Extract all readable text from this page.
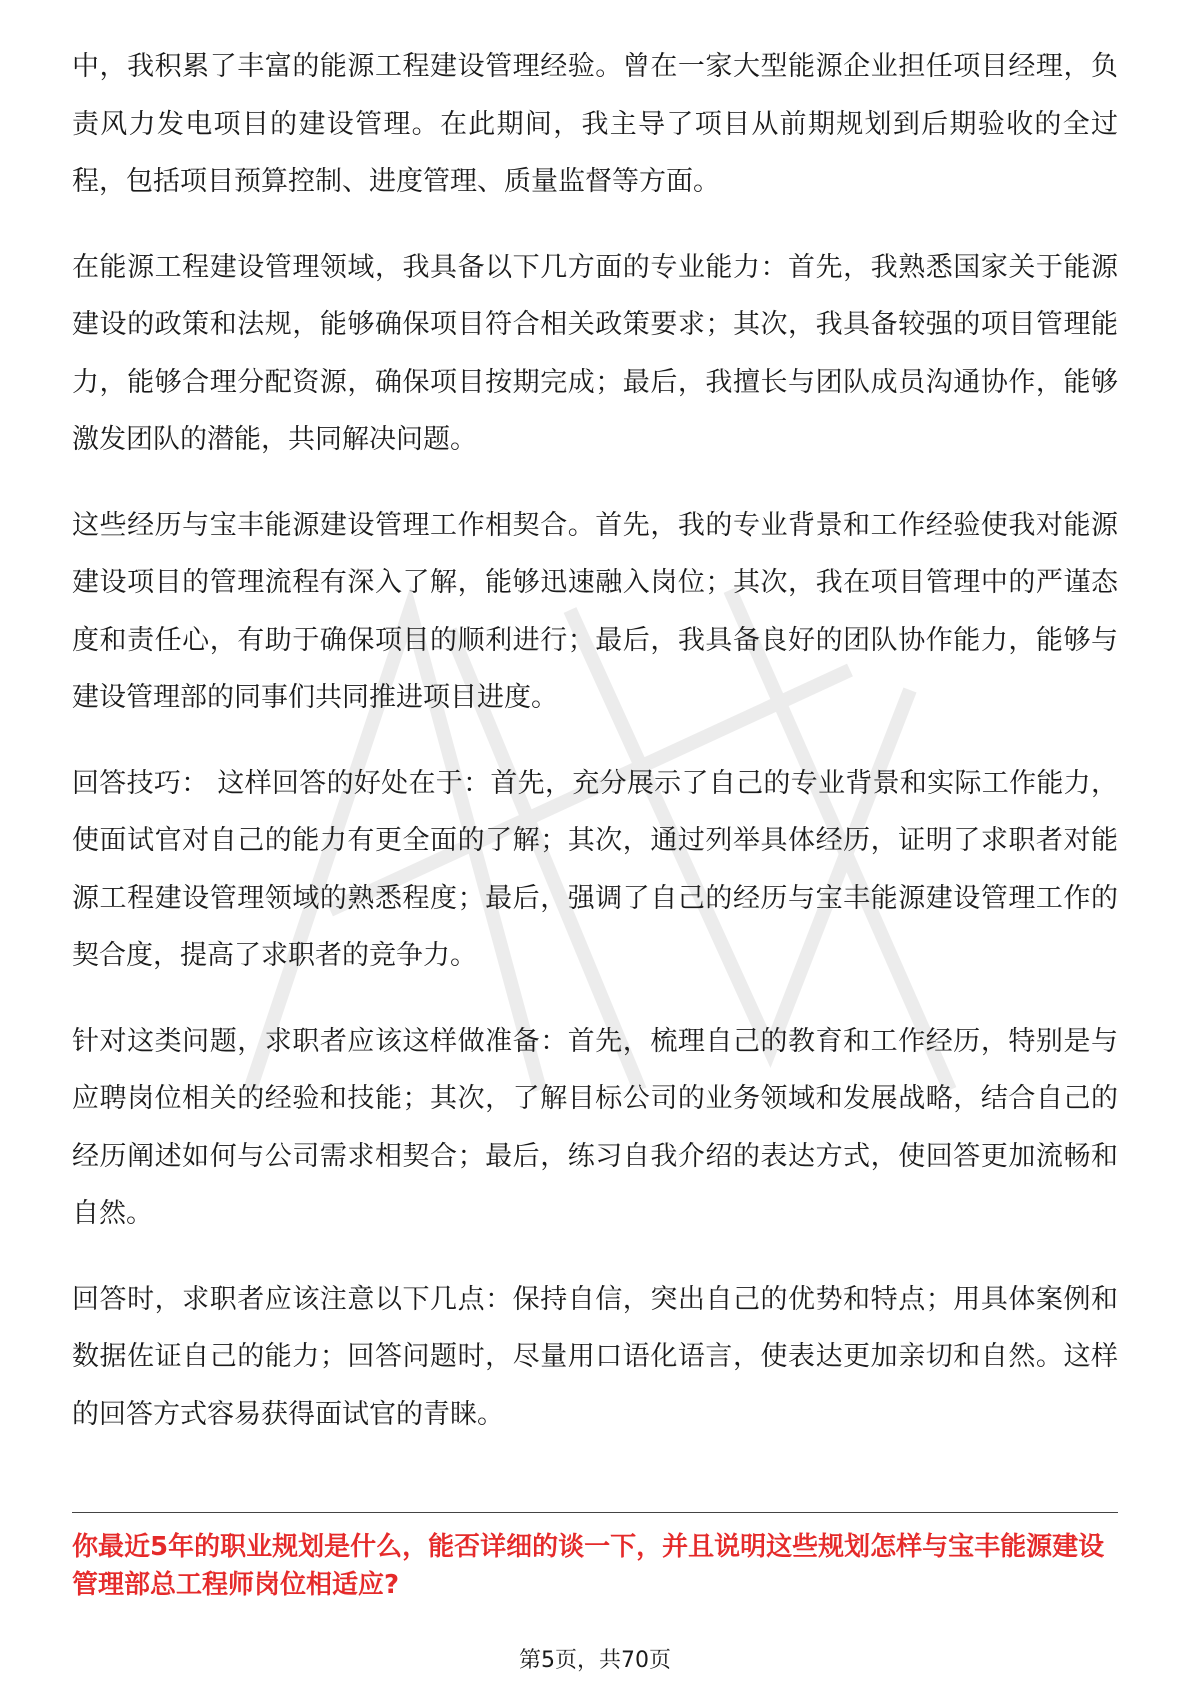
中，我积累了丰富的能源工程建设管理经验。曾在一家大型能源企业担任项目经理，负责风力发电项目的建设管理。在此期间，我主导了项目从前期规划到后期验收的全过程，包括项目预算控制、进度管理、质量监督等方面。

在能源工程建设管理领域，我具备以下几方面的专业能力：首先，我熟悉国家关于能源建设的政策和法规，能够确保项目符合相关政策要求；其次，我具备较强的项目管理能力，能够合理分配资源，确保项目按期完成；最后，我擅长与团队成员沟通协作，能够激发团队的潜能，共同解决问题。

这些经历与宝丰能源建设管理工作相契合。首先，我的专业背景和工作经验使我对能源建设项目的管理流程有深入了解，能够迅速融入岗位；其次，我在项目管理中的严谨态度和责任心，有助于确保项目的顺利进行；最后，我具备良好的团队协作能力，能够与建设管理部的同事们共同推进项目进度。

回答技巧： 这样回答的好处在于：首先，充分展示了自己的专业背景和实际工作能力，使面试官对自己的能力有更全面的了解；其次，通过列举具体经历，证明了求职者对能源工程建设管理领域的熟悉程度；最后，强调了自己的经历与宝丰能源建设管理工作的契合度，提高了求职者的竞争力。

针对这类问题，求职者应该这样做准备：首先，梳理自己的教育和工作经历，特别是与应聘岗位相关的经验和技能；其次，了解目标公司的业务领域和发展战略，结合自己的经历阐述如何与公司需求相契合；最后，练习自我介绍的表达方式，使回答更加流畅和自然。

回答时，求职者应该注意以下几点：保持自信，突出自己的优势和特点；用具体案例和数据佐证自己的能力；回答问题时，尽量用口语化语言，使表达更加亲切和自然。这样的回答方式容易获得面试官的青睐。

你最近5年的职业规划是什么，能否详细的谈一下，并且说明这些规划怎样与宝丰能源建设管理部总工程师岗位相适应?
第5页，共70页
